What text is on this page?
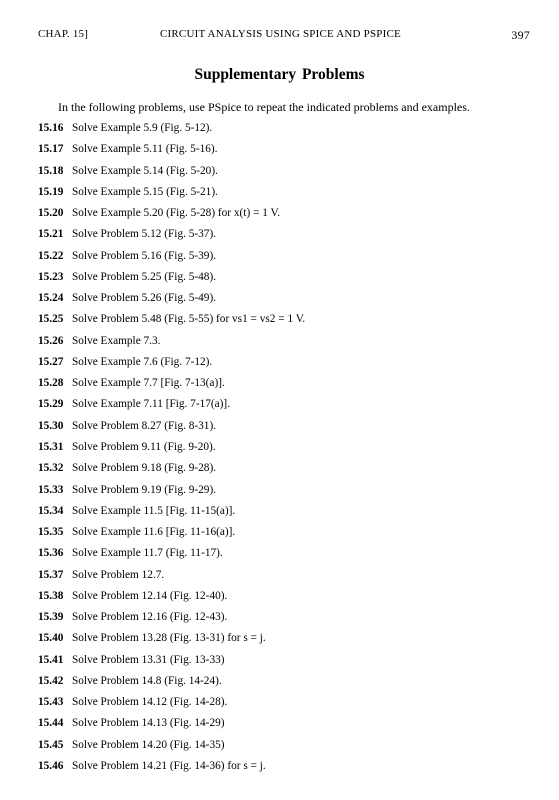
CHAP. 15]	CIRCUIT ANALYSIS USING SPICE AND PSPICE	397
Supplementary Problems
In the following problems, use PSpice to repeat the indicated problems and examples.
15.16 Solve Example 5.9 (Fig. 5-12).
15.17 Solve Example 5.11 (Fig. 5-16).
15.18 Solve Example 5.14 (Fig. 5-20).
15.19 Solve Example 5.15 (Fig. 5-21).
15.20 Solve Example 5.20 (Fig. 5-28) for x(t) = 1 V.
15.21 Solve Problem 5.12 (Fig. 5-37).
15.22 Solve Problem 5.16 (Fig. 5-39).
15.23 Solve Problem 5.25 (Fig. 5-48).
15.24 Solve Problem 5.26 (Fig. 5-49).
15.25 Solve Problem 5.48 (Fig. 5-55) for vs1 = vs2 = 1 V.
15.26 Solve Example 7.3.
15.27 Solve Example 7.6 (Fig. 7-12).
15.28 Solve Example 7.7 [Fig. 7-13(a)].
15.29 Solve Example 7.11 [Fig. 7-17(a)].
15.30 Solve Problem 8.27 (Fig. 8-31).
15.31 Solve Problem 9.11 (Fig. 9-20).
15.32 Solve Problem 9.18 (Fig. 9-28).
15.33 Solve Problem 9.19 (Fig. 9-29).
15.34 Solve Example 11.5 [Fig. 11-15(a)].
15.35 Solve Example 11.6 [Fig. 11-16(a)].
15.36 Solve Example 11.7 (Fig. 11-17).
15.37 Solve Problem 12.7.
15.38 Solve Problem 12.14 (Fig. 12-40).
15.39 Solve Problem 12.16 (Fig. 12-43).
15.40 Solve Problem 13.28 (Fig. 13-31) for s = j.
15.41 Solve Problem 13.31 (Fig. 13-33)
15.42 Solve Problem 14.8 (Fig. 14-24).
15.43 Solve Problem 14.12 (Fig. 14-28).
15.44 Solve Problem 14.13 (Fig. 14-29)
15.45 Solve Problem 14.20 (Fig. 14-35)
15.46 Solve Problem 14.21 (Fig. 14-36) for s = j.
